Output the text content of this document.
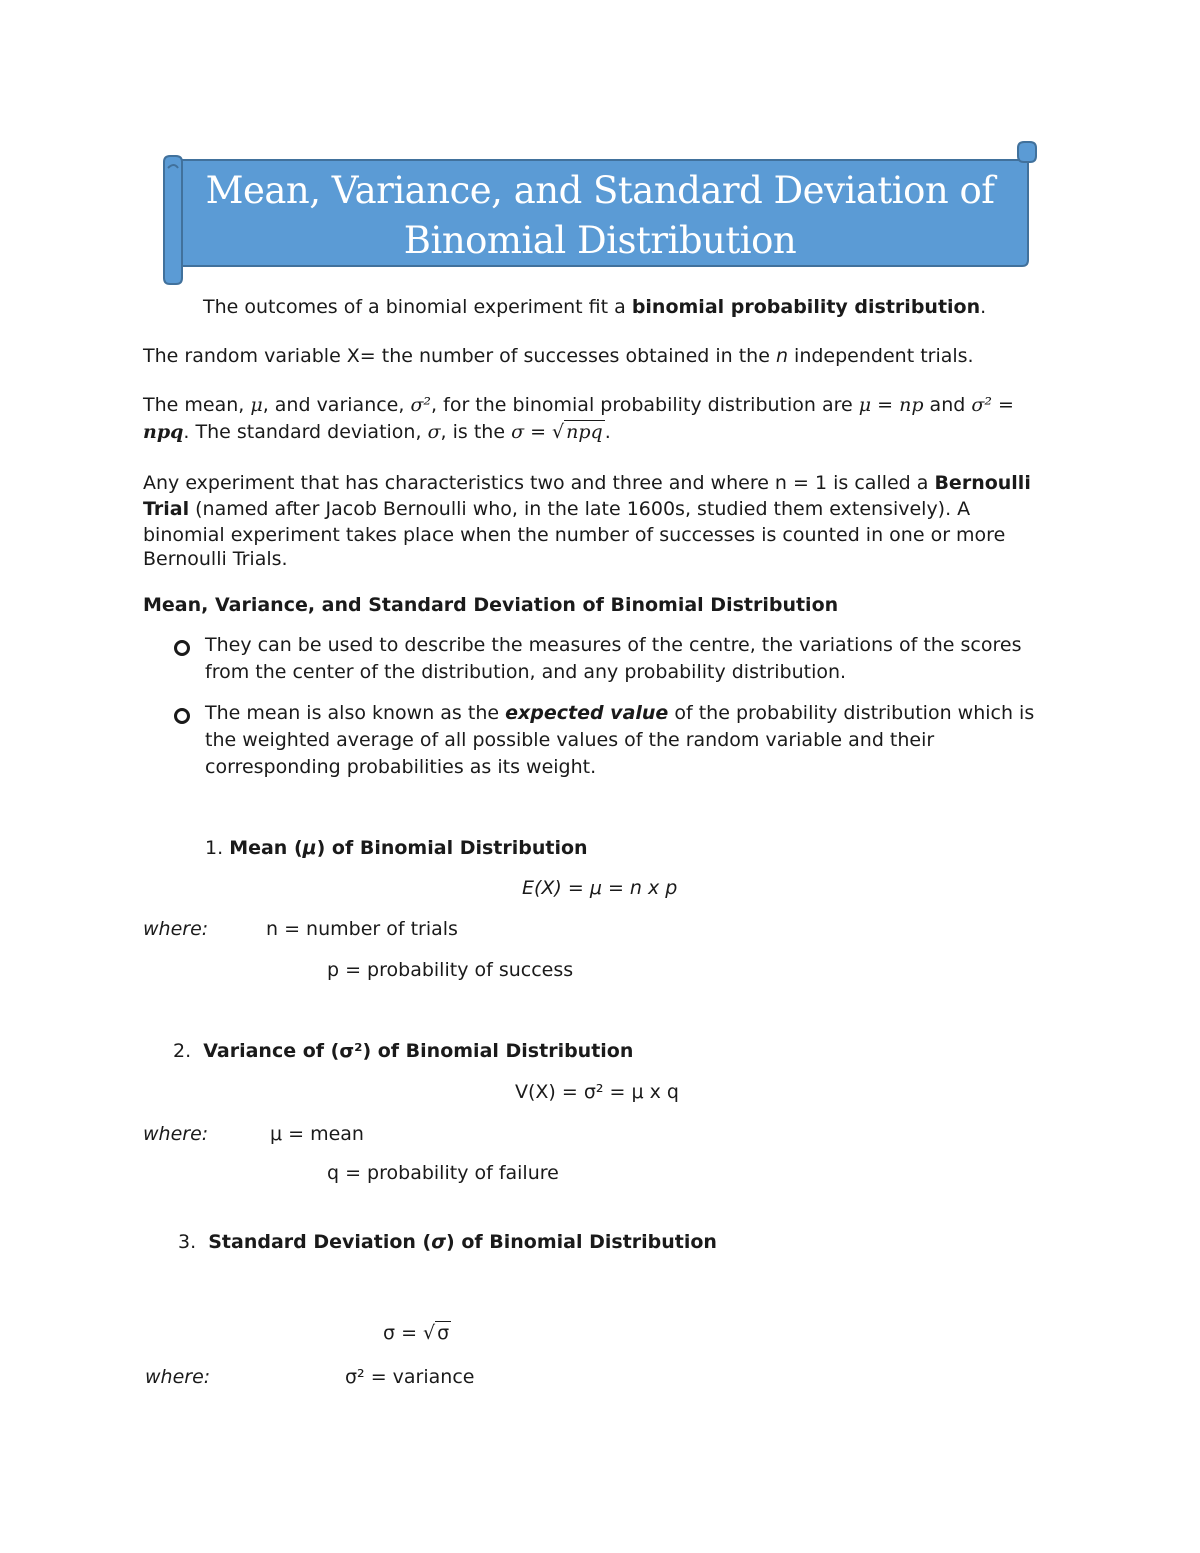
Mean, Variance, and Standard Deviation of
Binomial Distribution
The outcomes of a binomial experiment fit a binomial probability distribution.
The random variable X= the number of successes obtained in the n independent trials.
The mean, μ, and variance, σ², for the binomial probability distribution are μ = np and σ² =
npq. The standard deviation, σ, is the σ = √ npq .
Any experiment that has characteristics two and three and where n = 1 is called a Bernoulli
Trial (named after Jacob Bernoulli who, in the late 1600s, studied them extensively). A
binomial experiment takes place when the number of successes is counted in one or more
Bernoulli Trials.
Mean, Variance, and Standard Deviation of Binomial Distribution
They can be used to describe the measures of the centre, the variations of the scores
from the center of the distribution, and any probability distribution.
The mean is also known as the expected value of the probability distribution which is
the weighted average of all possible values of the random variable and their
corresponding probabilities as its weight.
1. Mean (μ) of Binomial Distribution
E(X) = μ = n x p
where:	n = number of trials
p = probability of success
2. Variance of (σ²) of Binomial Distribution
V(X) = σ² = μ x q
where:	μ = mean
q = probability of failure
3. Standard Deviation (σ) of Binomial Distribution
σ = √ σ
where:	σ² = variance
